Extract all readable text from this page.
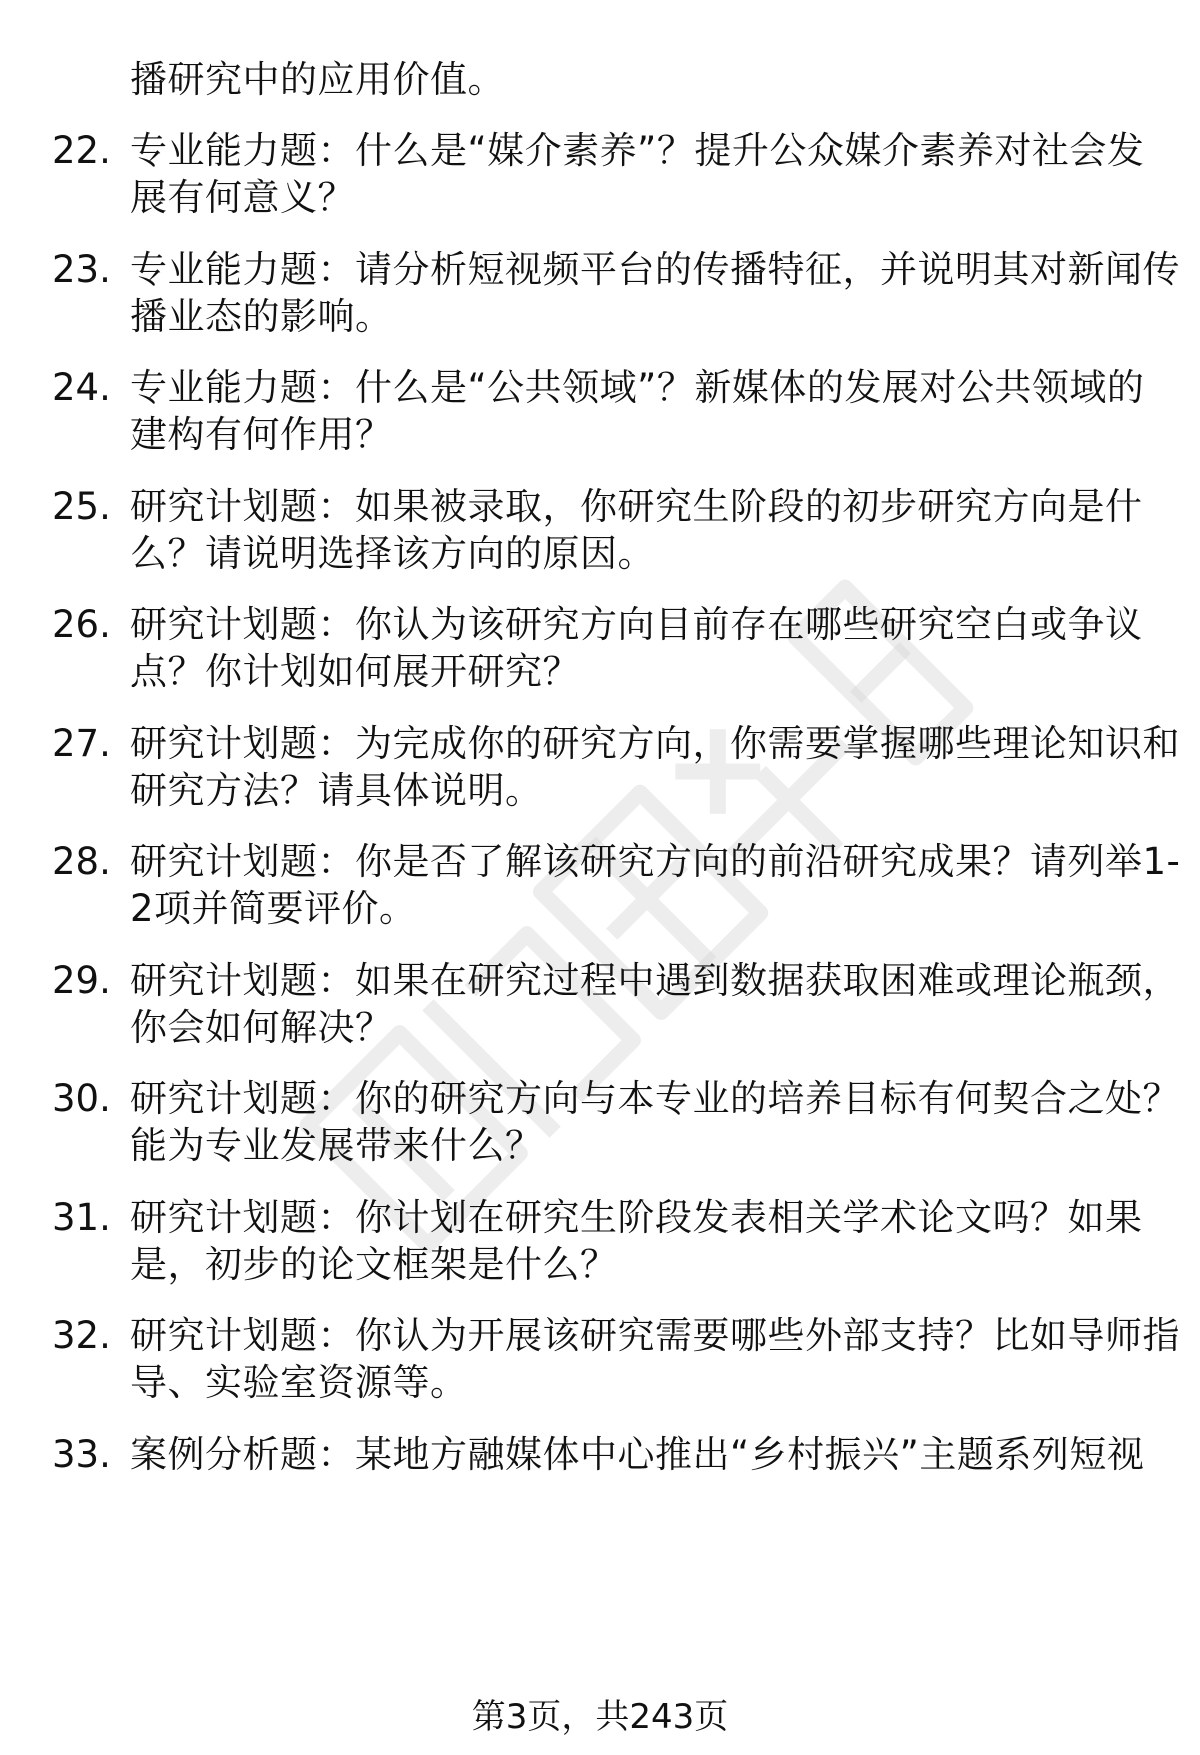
播研究中的应用价值。
22. 专业能力题：什么是“媒介素养”？提升公众媒介素养对社会发
展有何意义？
23. 专业能力题：请分析短视频平台的传播特征，并说明其对新闻传
播业态的影响。
24. 专业能力题：什么是“公共领域”？新媒体的发展对公共领域的
建构有何作用？
25. 研究计划题：如果被录取，你研究生阶段的初步研究方向是什
么？请说明选择该方向的原因。
26. 研究计划题：你认为该研究方向目前存在哪些研究空白或争议
点？你计划如何展开研究？
27. 研究计划题：为完成你的研究方向，你需要掌握哪些理论知识和
研究方法？请具体说明。
28. 研究计划题：你是否了解该研究方向的前沿研究成果？请列举1-
2项并简要评价。
29. 研究计划题：如果在研究过程中遇到数据获取困难或理论瓶颈，
你会如何解决？
30. 研究计划题：你的研究方向与本专业的培养目标有何契合之处？
能为专业发展带来什么？
31. 研究计划题：你计划在研究生阶段发表相关学术论文吗？如果
是，初步的论文框架是什么？
32. 研究计划题：你认为开展该研究需要哪些外部支持？比如导师指
导、实验室资源等。
33. 案例分析题：某地方融媒体中心推出“乡村振兴”主题系列短视
第3页，共243页
